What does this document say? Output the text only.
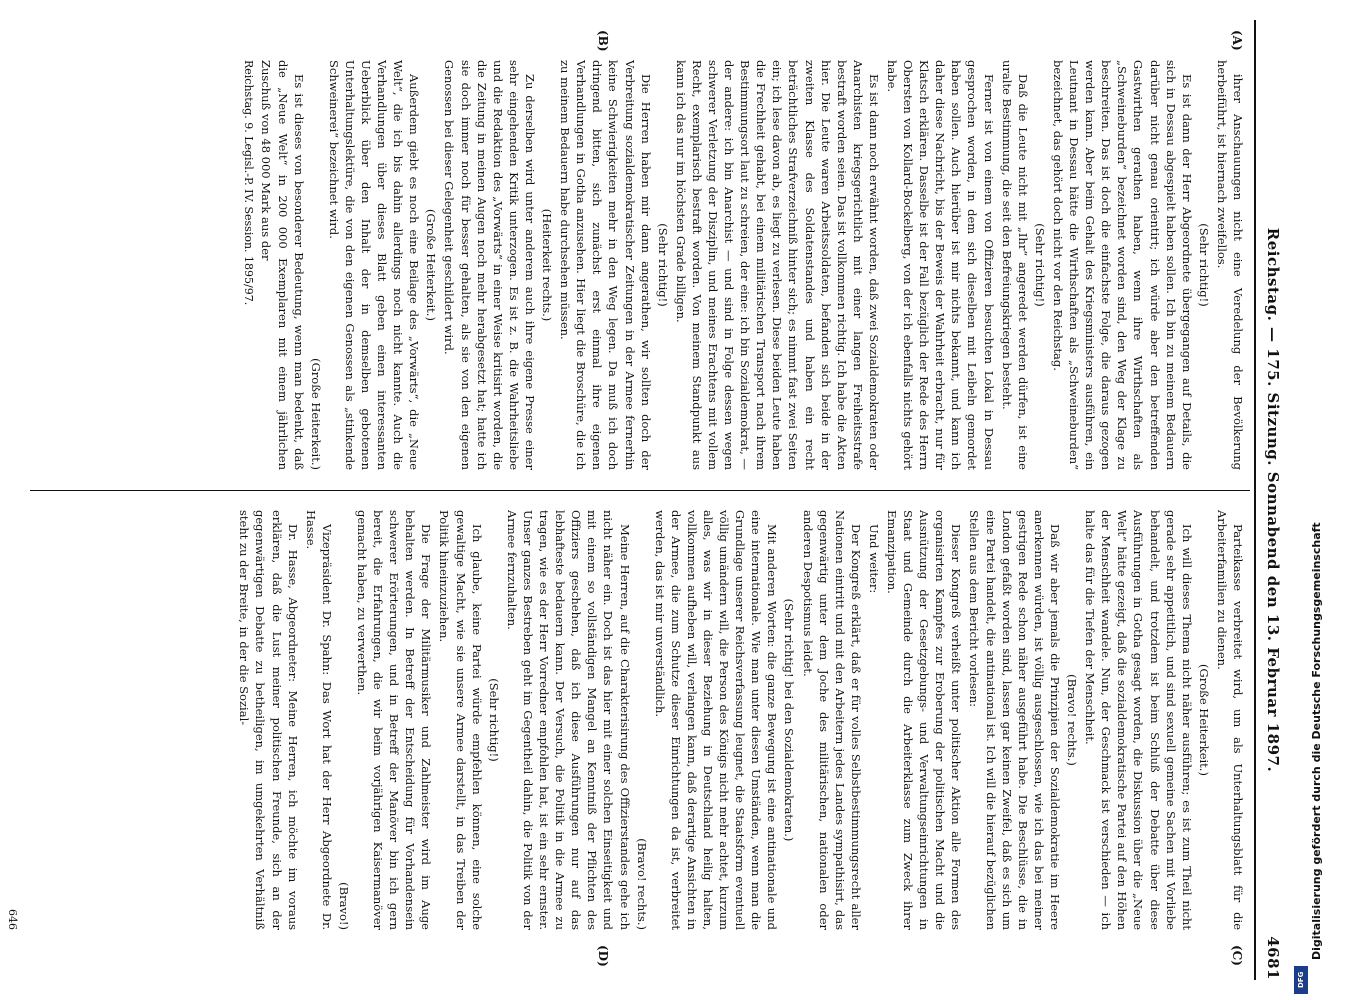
Reichstag. — 175. Sitzung. Sonnabend den 13. Februar 1897.
4681
(A)
(B)
(C)
(D)

ihrer Anschauungen nicht eine Veredelung der Bevölkerung herbeiführt, ist hiernach zweifellos.

(Sehr richtig!)

Es ist dann der Herr Abgeordnete übergegangen auf Details, die sich in Dessau abgespielt haben sollen. Ich bin zu meinem Bedauern darüber nicht genau orientirt; ich würde aber den betreffenden Gastwirthen gerathen haben, wenn ihre Wirthschaften als „Schweineburden“ bezeichnet worden sind, den Weg der Klage zu beschreiten. Das ist doch die einfachste Folge, die daraus gezogen werden kann. Aber beim Gehalt des Kriegsministers ausführen, ein Leutnant in Dessau hätte die Wirthschaften als „Schweineburden“ bezeichnet, das gehört doch nicht vor den Reichstag.

(Sehr richtig!)

Daß die Leute nicht mit „Ihr“ angeredet werden dürfen, ist eine uralte Bestimmung, die seit den Befreiungskriegen besteht.

Ferner ist von einem von Offizieren besuchten Lokal in Dessau gesprochen worden, in dem sich dieselben mit Leibeln gemordet haben sollen. Auch hierüber ist mir nichts bekannt, und kann ich daher diese Nachricht, bis der Beweis der Wahrheit erbracht, nur für Klatsch erklären. Dasselbe ist der Fall bezüglich der Rede des Herrn Obersten von Kollard-Bockelberg, von der ich ebenfalls nichts gehört habe.

Es ist dann noch erwähnt worden, daß zwei Sozialdemokraten oder Anarchisten kriegsgerichtlich mit einer langen Freiheitsstrafe bestraft worden seien. Das ist vollkommen richtig. Ich habe die Akten hier. Die Leute waren Arbeitssoldaten, befanden sich beide in der zweiten Klasse des Soldatenstandes und haben ein recht beträchtliches Strafverzeichniß hinter sich; es nimmt fast zwei Seiten ein; ich lese davon ab, es liegt zu verlesen. Diese beiden Leute haben die Frechheit gehabt, bei einem militärischen Transport nach ihrem Bestimmungsort laut zu schreien, der eine: ich bin Sozialdemokrat, — der andere: ich bin Anarchist — und sind in Folge dessen wegen schwerer Verletzung der Disziplin, und meines Erachtens mit vollem Recht, exemplarisch bestraft worden. Von meinem Standpunkt aus kann ich das nur im höchsten Grade billigen.

(Sehr richtig!)

Die Herren haben mir dann angerathen, wir sollten doch der Verbreitung sozialdemokratischer Zeitungen in der Armee fernerhin keine Schwierigkeiten mehr in den Weg legen. Da muß ich doch dringend bitten, sich zunächst erst einmal ihre eigenen Verhandlungen in Gotha anzusehen. Hier liegt die Broschüre, die ich zu meinem Bedauern habe durchsehen müssen.

(Heiterkeit rechts.)

Zu derselben wird unter anderem auch ihre eigene Presse einer sehr eingehenden Kritik unterzogen. Es ist z. B. die Wahrheitsliebe und die Redaktion des „Vorwärts“ in einer Weise kritisirt worden, die die Zeitung in meinen Augen noch mehr herabgesetzt hat; hatte ich sie doch immer noch für besser gehalten, als sie von den eigenen Genossen bei dieser Gelegenheit geschildert wird.

(Große Heiterkeit.)

Außerdem giebt es noch eine Beilage des „Vorwärts“, die „Neue Welt“, die ich bis dahin allerdings noch nicht kannte. Auch die Verhandlungen über dieses Blatt geben einen interessanten Ueberblick über den Inhalt der in demselben gebotenen Unterhaltungslektüre, die von den eigenen Genossen als „stinkende Schweinerei“ bezeichnet wird.

(Große Heiterkeit.)

Es ist dieses von besonderer Bedeutung, wenn man bedenkt, daß die „Neue Welt“ in 200 000 Exemplaren mit einem jährlichen Zuschuß von 48 000 Mark aus der

Reichstag. 9. Legisl.-P. IV. Session. 1895/97.

Parteikasse verbreitet wird, um als Unterhaltungsblatt für die Arbeiterfamilien zu dienen.

(Große Heiterkeit.)

Ich will dieses Thema nicht näher ausführen; es ist zum Theil nicht gerade sehr appetitlich, und sind sexuell gemeine Sachen mit Vorliebe behandelt, und trotzdem ist beim Schluß der Debatte über diese Ausführungen in Gotha gesagt worden, die Diskussion über die „Neue Welt“ hätte gezeigt, daß die sozialdemokratische Partei auf den Höhen der Menschheit wandele. Nun, der Geschmack ist verschieden — ich halte das für die Tiefen der Menschheit.

(Bravo! rechts.)

Daß wir aber jemals die Prinzipien der Sozialdemokratie im Heere anerkennen würden, ist völlig ausgeschlossen, wie ich das bei meiner gestrigen Rede schon näher ausgeführt habe. Die Beschlüsse, die in London gefaßt worden sind, lassen gar keinen Zweifel, daß es sich um eine Partei handelt, die antinational ist. Ich will die hierauf bezüglichen Stellen aus dem Bericht vorlesen:

Dieser Kongreß verheißt unter politischer Aktion alle Formen des organisirten Kampfes zur Eroberung der politischen Macht und die Ausnützung der Gesetzgebungs- und Verwaltungseinrichtungen in Staat und Gemeinde durch die Arbeiterklasse zum Zweck ihrer Emanzipation.

Und weiter:

Der Kongreß erklärt, daß er für volles Selbstbestimmungsrecht aller Nationen eintritt und mit den Arbeitern jedes Landes sympathisirt, das gegenwärtig unter dem Joche des militärischen, nationalen oder anderen Despotismus leidet.

(Sehr richtig! bei den Sozialdemokraten.)

Mit anderen Worten: die ganze Bewegung ist eine antinationale und eine internationale. Wie man unter diesen Umständen, wenn man die Grundlage unserer Reichsverfassung leugnet, die Staatsform eventuell völlig umändern will, die Person des Königs nicht mehr achtet, kurzum alles, was wir in dieser Beziehung in Deutschland heilig halten, vollkommen aufheben will, verlangen kann, daß derartige Ansichten in der Armee, die zum Schutze dieser Einrichtungen da ist, verbreitet werden, das ist mir unverständlich.

(Bravo! rechts.)

Meine Herren, auf die Charakterisirung des Offizierstandes gehe ich nicht näher ein. Doch ist das hier mit einer solchen Einseitigkeit und mit einem so vollständigen Mangel an Kenntniß der Pflichten des Offiziers geschehen, daß ich diese Ausführungen nur auf das lebhafteste bedauern kann. Der Versuch, die Politik in die Armee zu tragen, wie es der Herr Vorredner empfohlen hat, ist ein sehr ernster. Unser ganzes Bestreben geht im Gegentheil dahin, die Politik von der Armee fernzuhalten.

(Sehr richtig!)

Ich glaube, keine Partei würde empfehlen können, eine solche gewaltige Macht, wie sie unsere Armee darstellt, in das Treiben der Politik hineinzuziehen.

Die Frage der Militärmusiker und Zahlmeister wird im Auge behalten werden. In Betreff der Entscheidung für Vorhandensein schwerer Erörterungen, und in Betreff der Manöver bin ich gern bereit, die Erfahrungen, die wir beim vorjährigen Kaisermanöver gemacht haben, zu verwerthen.

(Bravo!)

Vizepräsident Dr. Spahn: Das Wort hat der Herr Abgeordnete Dr. Hasse.

Dr. Hasse, Abgeordneter: Meine Herren, ich möchte im voraus erklären, daß die Lust meiner politischen Freunde, sich an der gegenwärtigen Debatte zu betheiligen, im umgekehrten Verhältniß steht zu der Breite, in der die Sozial-

646	Digitalisierung gefördert durch die Deutsche Forschungsgemeinschaft
DFG
